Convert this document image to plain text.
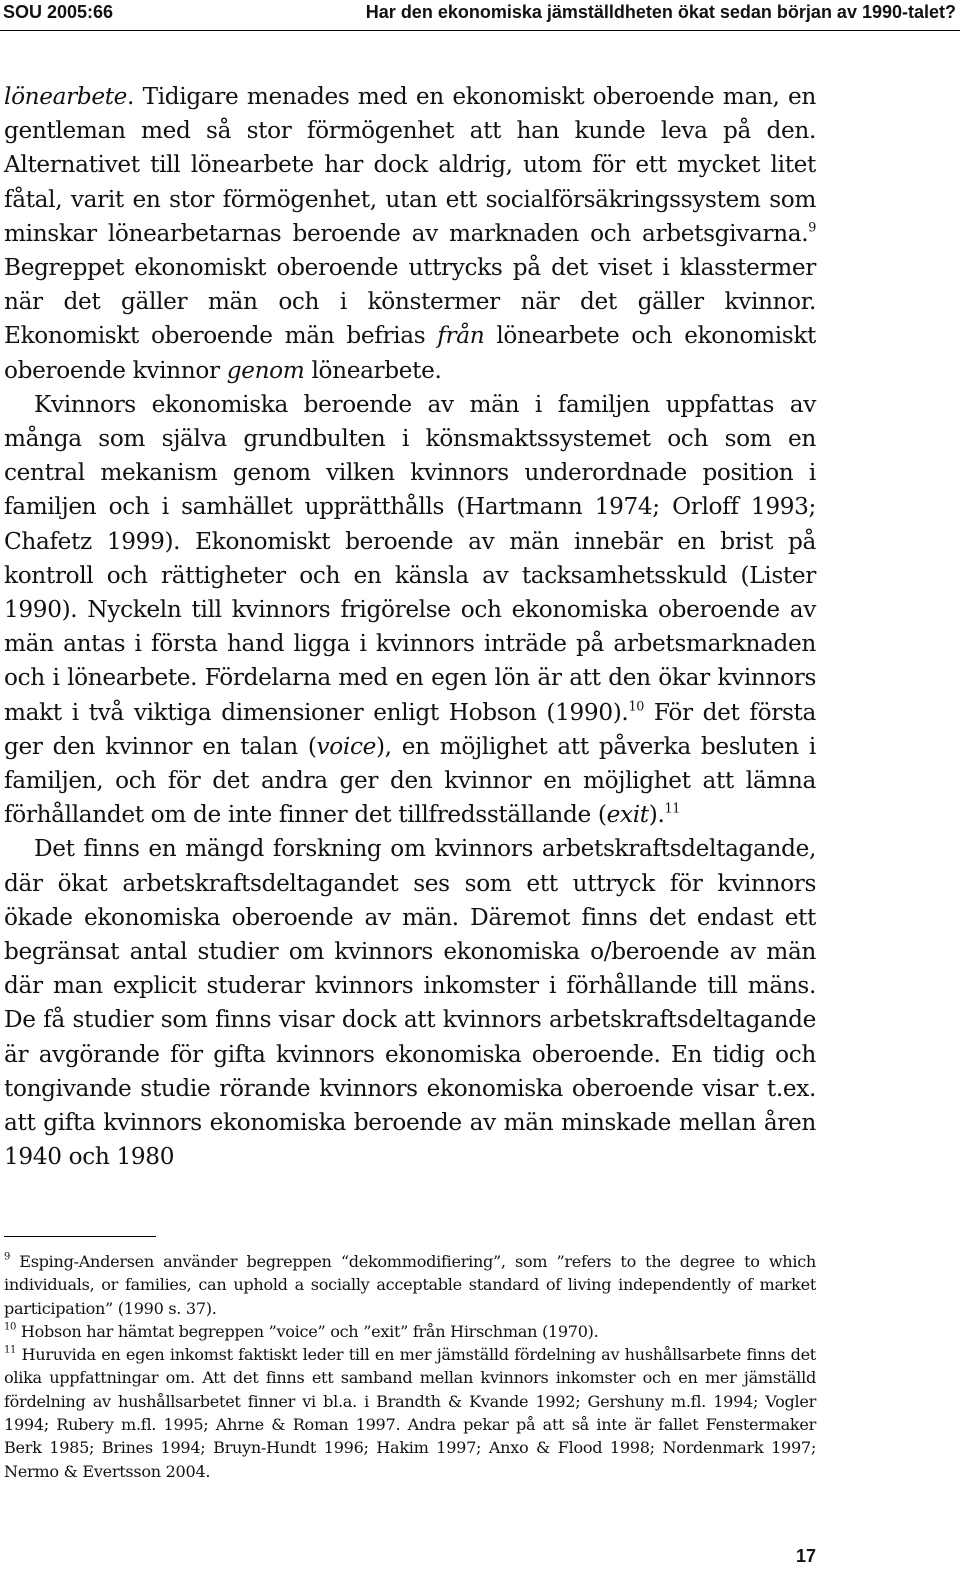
SOU 2005:66	Har den ekonomiska jämställdheten ökat sedan början av 1990-talet?

lönearbete. Tidigare menades med en ekonomiskt oberoende man, en gentleman med så stor förmögenhet att han kunde leva på den. Alternativet till lönearbete har dock aldrig, utom för ett mycket litet fåtal, varit en stor förmögenhet, utan ett socialförsäkringssystem som minskar lönearbetarnas beroende av marknaden och arbetsgivarna.$^9$ Begreppet ekonomiskt oberoende uttrycks på det viset i klasstermer när det gäller män och i könstermer när det gäller kvinnor. Ekonomiskt oberoende män befrias från lönearbete och ekonomiskt oberoende kvinnor genom lönearbete.

Kvinnors ekonomiska beroende av män i familjen uppfattas av många som själva grundbulten i könsmaktssystemet och som en central mekanism genom vilken kvinnors underordnade position i familjen och i samhället upprätthålls (Hartmann 1974; Orloff 1993; Chafetz 1999). Ekonomiskt beroende av män innebär en brist på kontroll och rättigheter och en känsla av tacksamhetsskuld (Lister 1990). Nyckeln till kvinnors frigörelse och ekonomiska oberoende av män antas i första hand ligga i kvinnors inträde på arbetsmarknaden och i lönearbete. Fördelarna med en egen lön är att den ökar kvinnors makt i två viktiga dimensioner enligt Hobson (1990).$^{10}$ För det första ger den kvinnor en talan (voice), en möjlighet att påverka besluten i familjen, och för det andra ger den kvinnor en möjlighet att lämna förhållandet om de inte finner det tillfredsställande (exit).$^{11}$

Det finns en mängd forskning om kvinnors arbetskraftsdeltagande, där ökat arbetskraftsdeltagandet ses som ett uttryck för kvinnors ökade ekonomiska oberoende av män. Däremot finns det endast ett begränsat antal studier om kvinnors ekonomiska o/beroende av män där man explicit studerar kvinnors inkomster i förhållande till mäns. De få studier som finns visar dock att kvinnors arbetskraftsdeltagande är avgörande för gifta kvinnors ekonomiska oberoende. En tidig och tongivande studie rörande kvinnors ekonomiska oberoende visar t.ex. att gifta kvinnors ekonomiska beroende av män minskade mellan åren 1940 och 1980

$^9$ Esping-Andersen använder begreppen “dekommodifiering”, som ”refers to the degree to which individuals, or families, can uphold a socially acceptable standard of living independently of market participation” (1990 s. 37).

$^{10}$ Hobson har hämtat begreppen ”voice” och ”exit” från Hirschman (1970).

$^{11}$ Huruvida en egen inkomst faktiskt leder till en mer jämställd fördelning av hushållsarbete finns det olika uppfattningar om. Att det finns ett samband mellan kvinnors inkomster och en mer jämställd fördelning av hushållsarbetet finner vi bl.a. i Brandth & Kvande 1992; Gershuny m.fl. 1994; Vogler 1994; Rubery m.fl. 1995; Ahrne & Roman 1997. Andra pekar på att så inte är fallet Fenstermaker Berk 1985; Brines 1994; Bruyn-Hundt 1996; Hakim 1997; Anxo & Flood 1998; Nordenmark 1997; Nermo & Evertsson 2004.

17
